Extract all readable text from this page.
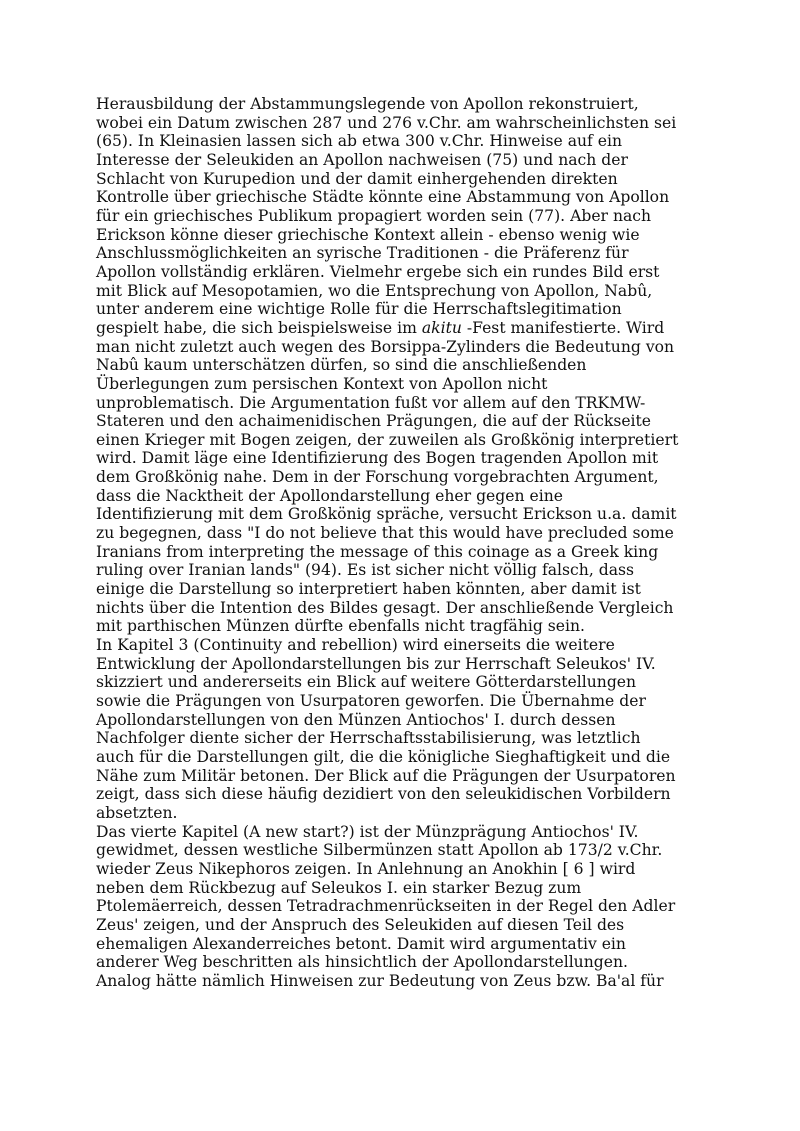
Herausbildung der Abstammungslegende von Apollon rekonstruiert,
wobei ein Datum zwischen 287 und 276 v.Chr. am wahrscheinlichsten sei
(65). In Kleinasien lassen sich ab etwa 300 v.Chr. Hinweise auf ein
Interesse der Seleukiden an Apollon nachweisen (75) und nach der
Schlacht von Kurupedion und der damit einhergehenden direkten
Kontrolle über griechische Städte könnte eine Abstammung von Apollon
für ein griechisches Publikum propagiert worden sein (77). Aber nach
Erickson könne dieser griechische Kontext allein - ebenso wenig wie
Anschlussmöglichkeiten an syrische Traditionen - die Präferenz für
Apollon vollständig erklären. Vielmehr ergebe sich ein rundes Bild erst
mit Blick auf Mesopotamien, wo die Entsprechung von Apollon, Nabû,
unter anderem eine wichtige Rolle für die Herrschaftslegitimation
gespielt habe, die sich beispielsweise im akitu -Fest manifestierte. Wird
man nicht zuletzt auch wegen des Borsippa-Zylinders die Bedeutung von
Nabû kaum unterschätzen dürfen, so sind die anschließenden
Überlegungen zum persischen Kontext von Apollon nicht
unproblematisch. Die Argumentation fußt vor allem auf den TRKMW-
Stateren und den achaimenidischen Prägungen, die auf der Rückseite
einen Krieger mit Bogen zeigen, der zuweilen als Großkönig interpretiert
wird. Damit läge eine Identifizierung des Bogen tragenden Apollon mit
dem Großkönig nahe. Dem in der Forschung vorgebrachten Argument,
dass die Nacktheit der Apollondarstellung eher gegen eine
Identifizierung mit dem Großkönig spräche, versucht Erickson u.a. damit
zu begegnen, dass "I do not believe that this would have precluded some
Iranians from interpreting the message of this coinage as a Greek king
ruling over Iranian lands" (94). Es ist sicher nicht völlig falsch, dass
einige die Darstellung so interpretiert haben könnten, aber damit ist
nichts über die Intention des Bildes gesagt. Der anschließende Vergleich
mit parthischen Münzen dürfte ebenfalls nicht tragfähig sein.
In Kapitel 3 (Continuity and rebellion) wird einerseits die weitere
Entwicklung der Apollondarstellungen bis zur Herrschaft Seleukos' IV.
skizziert und andererseits ein Blick auf weitere Götterdarstellungen
sowie die Prägungen von Usurpatoren geworfen. Die Übernahme der
Apollondarstellungen von den Münzen Antiochos' I. durch dessen
Nachfolger diente sicher der Herrschaftsstabilisierung, was letztlich
auch für die Darstellungen gilt, die die königliche Sieghaftigkeit und die
Nähe zum Militär betonen. Der Blick auf die Prägungen der Usurpatoren
zeigt, dass sich diese häufig dezidiert von den seleukidischen Vorbildern
absetzten.
Das vierte Kapitel (A new start?) ist der Münzprägung Antiochos' IV.
gewidmet, dessen westliche Silbermünzen statt Apollon ab 173/2 v.Chr.
wieder Zeus Nikephoros zeigen. In Anlehnung an Anokhin [ 6 ] wird
neben dem Rückbezug auf Seleukos I. ein starker Bezug zum
Ptolemäerreich, dessen Tetradrachmenrückseiten in der Regel den Adler
Zeus' zeigen, und der Anspruch des Seleukiden auf diesen Teil des
ehemaligen Alexanderreiches betont. Damit wird argumentativ ein
anderer Weg beschritten als hinsichtlich der Apollondarstellungen.
Analog hätte nämlich Hinweisen zur Bedeutung von Zeus bzw. Ba'al für
